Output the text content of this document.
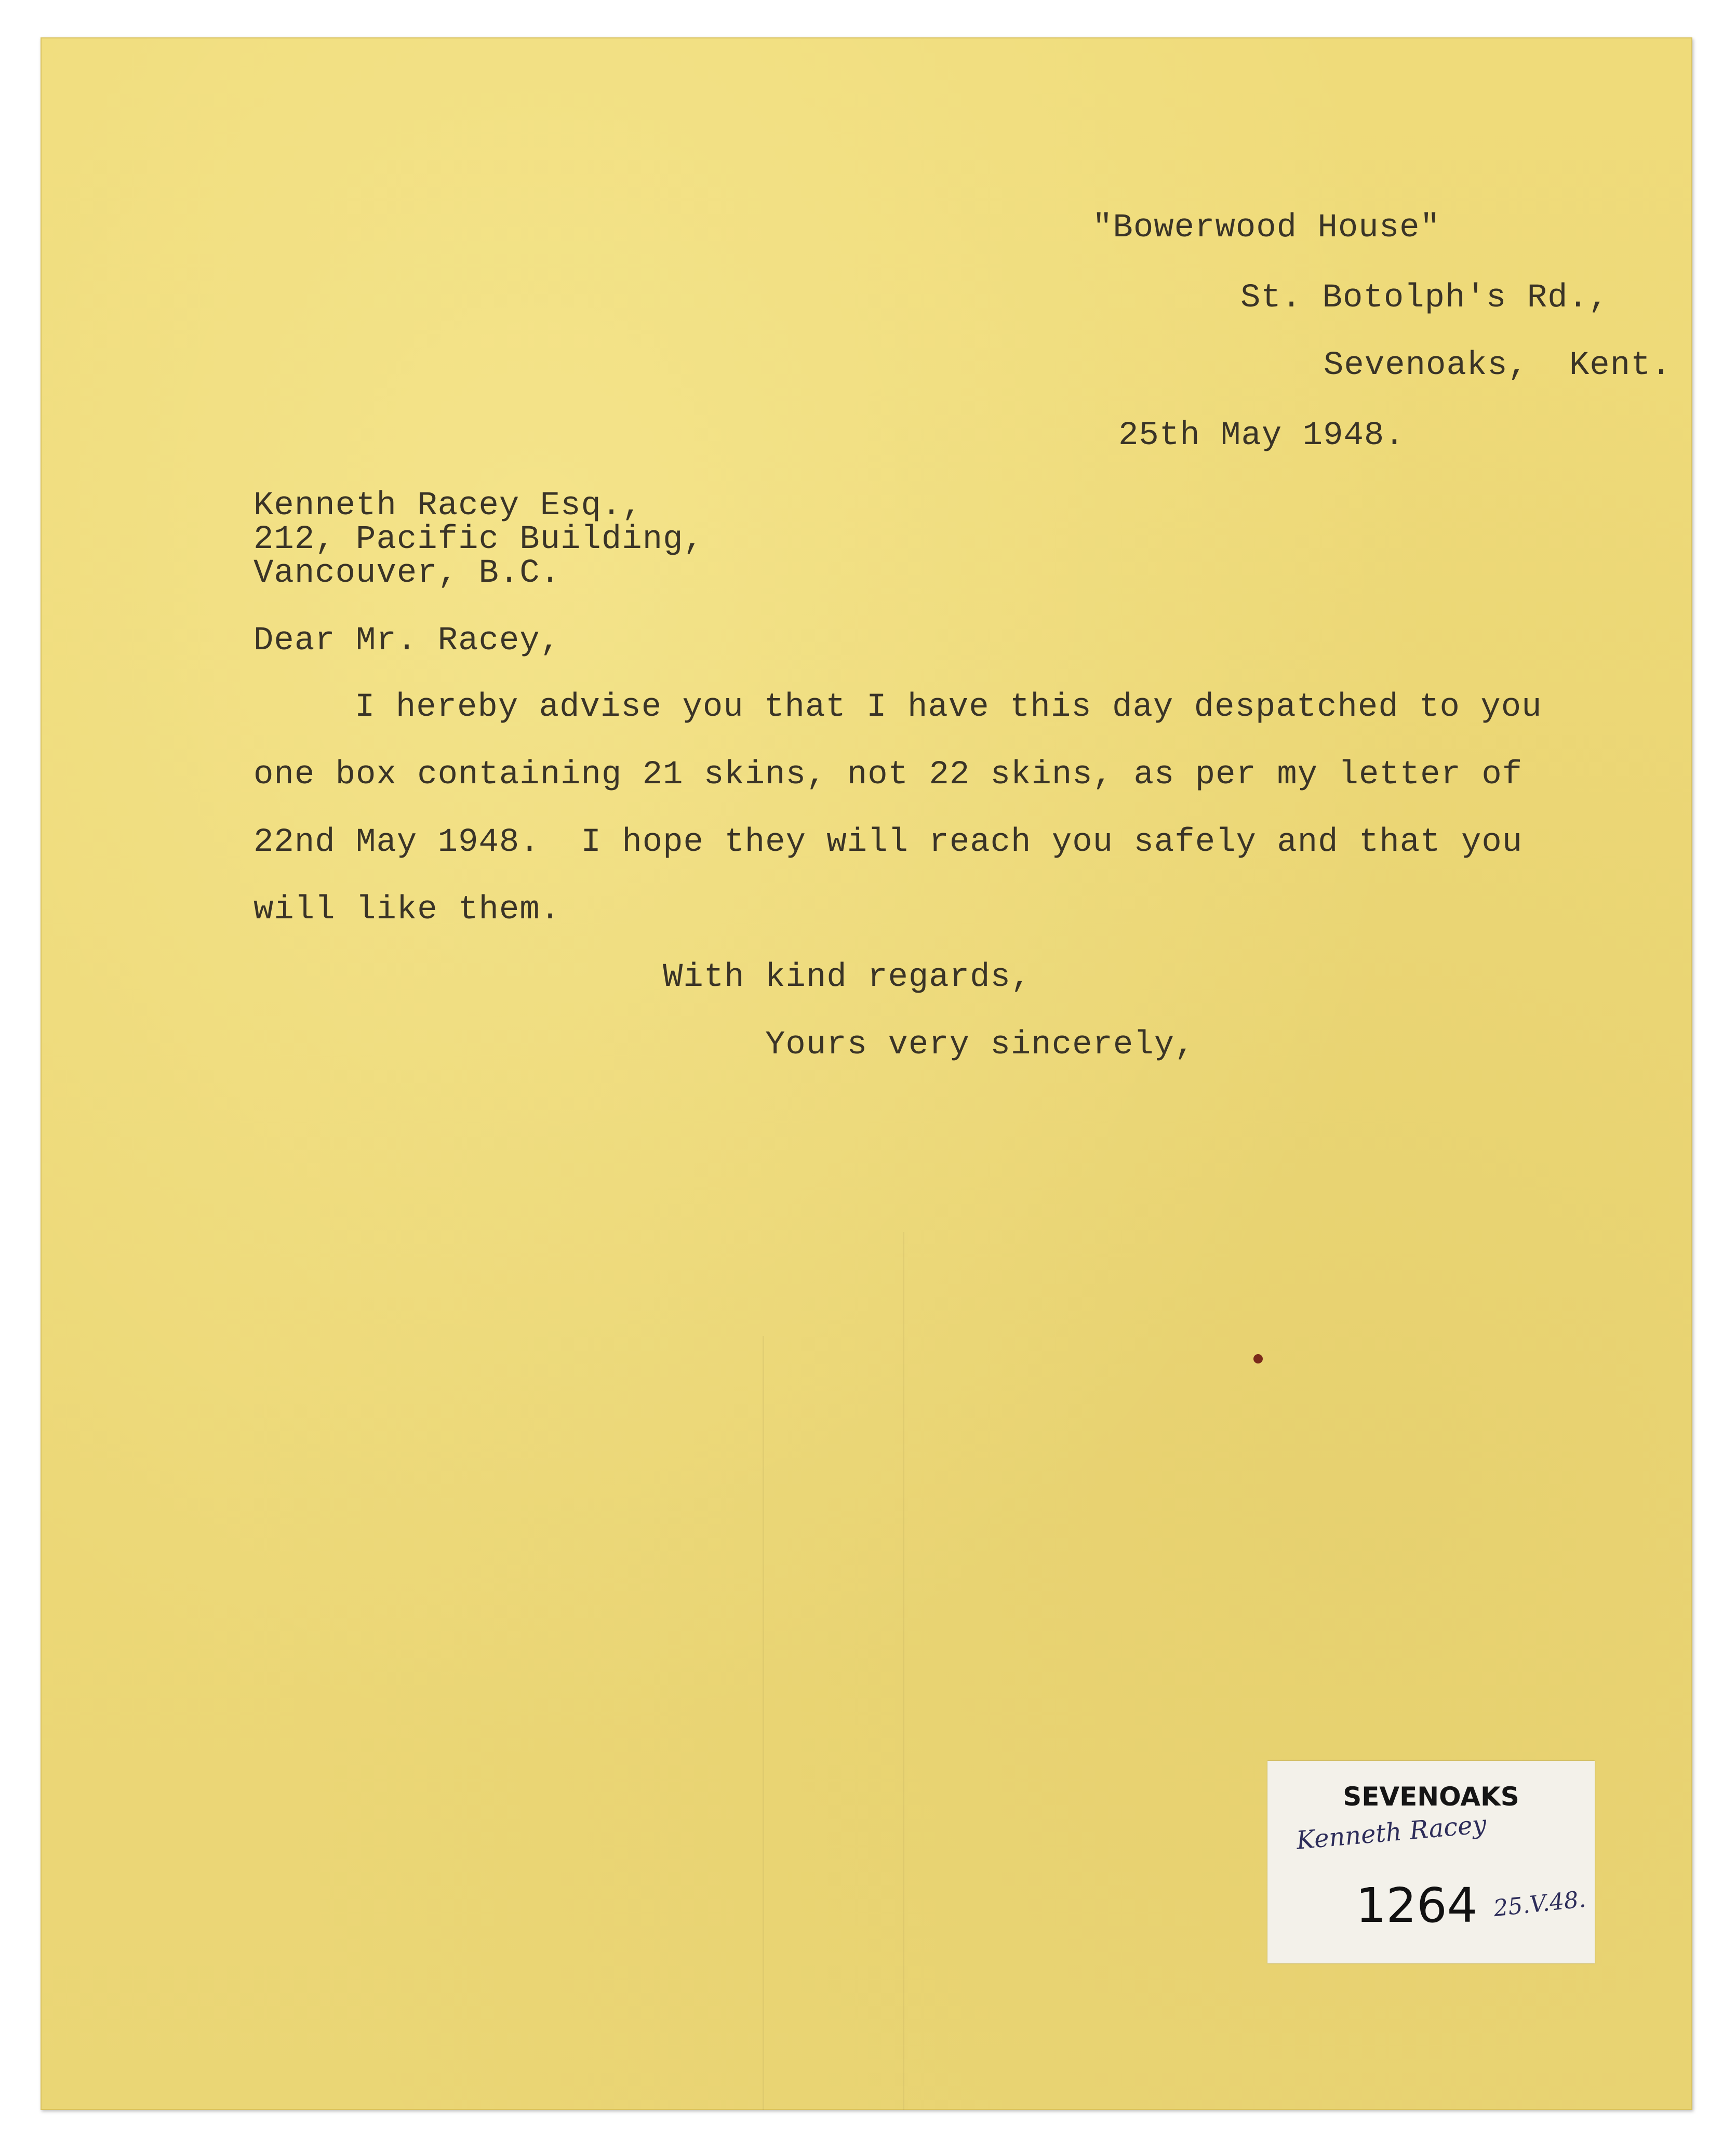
"Bowerwood House"
St. Botolph's Rd.,
Sevenoaks,  Kent.
25th May 1948.
Kenneth Racey Esq.,
212, Pacific Building,
Vancouver, B.C.
Dear Mr. Racey,
I hereby advise you that I have this day despatched to you
one box containing 21 skins, not 22 skins, as per my letter of
22nd May 1948.  I hope they will reach you safely and that you
will like them.
With kind regards,
Yours very sincerely,
SEVENOAKS
Kenneth Racey
1264 25.V.48.
